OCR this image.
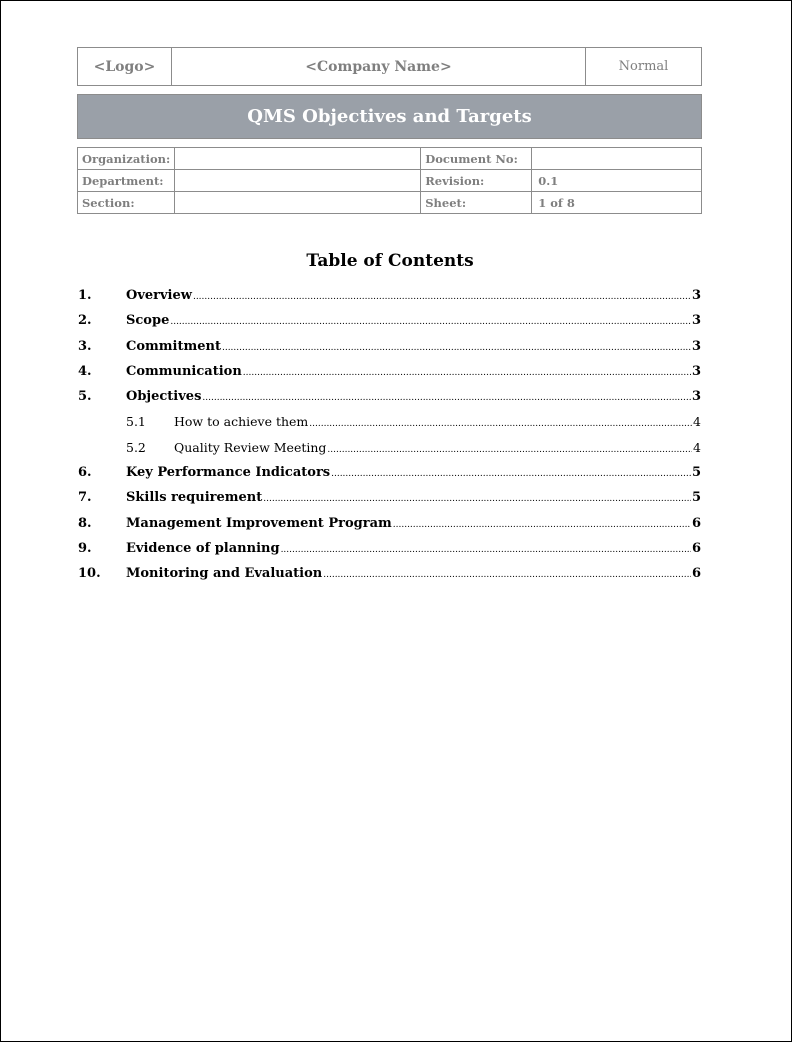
<Logo>	<Company Name>	Normal
QMS Objectives and Targets
Organization:		Document No:	
Department:		Revision:	0.1
Section:		Sheet:	1 of 8
Table of Contents
1.	Overview .....	3
2.	Scope .....	3
3.	Commitment .....	3
4.	Communication .....	3
5.	Objectives .....	3
5.1	How to achieve them .....	4
5.2	Quality Review Meeting .....	4
6.	Key Performance Indicators .....	5
7.	Skills requirement .....	5
8.	Management Improvement Program .....	6
9.	Evidence of planning .....	6
10.	Monitoring and Evaluation .....	6
